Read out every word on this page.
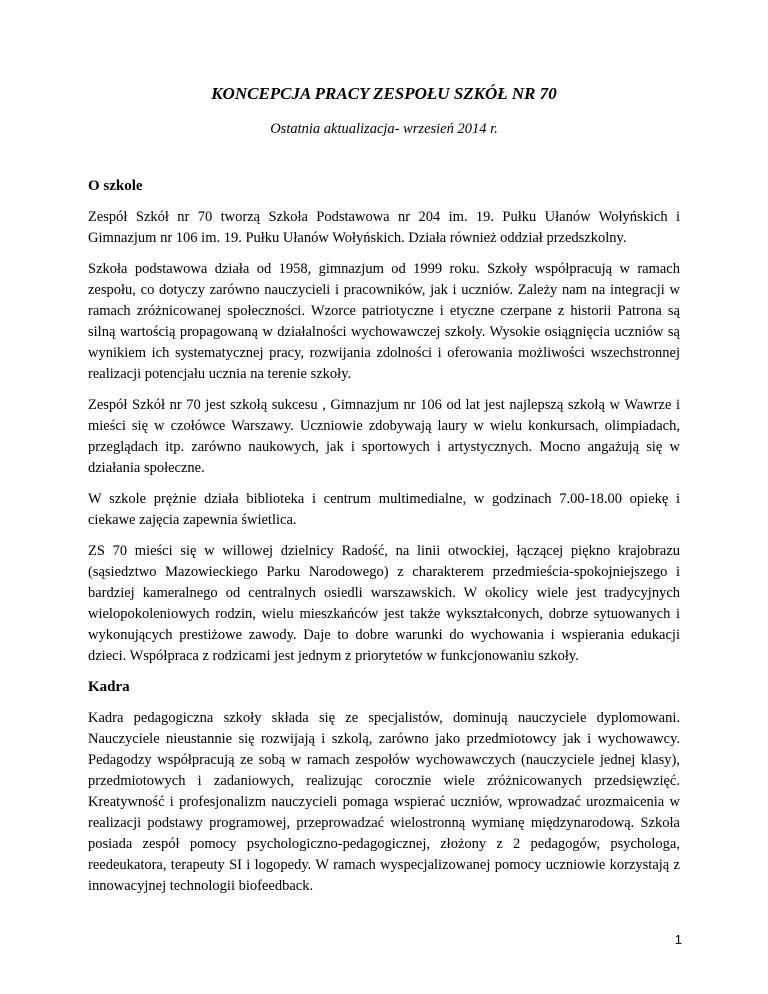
KONCEPCJA PRACY ZESPOŁU SZKÓŁ NR 70

Ostatnia aktualizacja- wrzesień 2014 r.

O szkole

Zespół Szkół nr 70 tworzą Szkoła Podstawowa nr 204 im. 19. Pułku Ułanów Wołyńskich i Gimnazjum nr 106 im. 19. Pułku Ułanów Wołyńskich. Działa również oddział przedszkolny.

Szkoła podstawowa działa od 1958, gimnazjum od 1999 roku. Szkoły współpracują w ramach zespołu, co dotyczy zarówno nauczycieli i pracowników, jak i uczniów. Zależy nam na integracji w ramach zróżnicowanej społeczności. Wzorce patriotyczne i etyczne czerpane z historii Patrona są silną wartością propagowaną w działalności wychowawczej szkoły. Wysokie osiągnięcia uczniów są wynikiem ich systematycznej pracy, rozwijania zdolności i oferowania możliwości wszechstronnej realizacji potencjału ucznia na terenie szkoły.

Zespół Szkół nr 70 jest szkołą sukcesu , Gimnazjum nr 106 od lat jest najlepszą szkołą w Wawrze i mieści się w czołówce Warszawy. Uczniowie zdobywają laury w wielu konkursach, olimpiadach, przeglądach itp. zarówno naukowych, jak i sportowych i artystycznych. Mocno angażują się w działania społeczne.

W szkole prężnie działa biblioteka i centrum multimedialne, w godzinach 7.00-18.00 opiekę i ciekawe zajęcia zapewnia świetlica.

ZS 70 mieści się w willowej dzielnicy Radość, na linii otwockiej, łączącej piękno krajobrazu (sąsiedztwo Mazowieckiego Parku Narodowego) z charakterem przedmieścia-spokojniejszego i bardziej kameralnego od centralnych osiedli warszawskich. W okolicy wiele jest tradycyjnych wielopokoleniowych rodzin, wielu mieszkańców jest także wykształconych, dobrze sytuowanych i wykonujących prestiżowe zawody. Daje to dobre warunki do wychowania i wspierania edukacji dzieci. Współpraca z rodzicami jest jednym z priorytetów w funkcjonowaniu szkoły.

Kadra

Kadra pedagogiczna szkoły składa się ze specjalistów, dominują nauczyciele dyplomowani. Nauczyciele nieustannie się rozwijają i szkolą, zarówno jako przedmiotowcy jak i wychowawcy. Pedagodzy współpracują ze sobą w ramach zespołów wychowawczych (nauczyciele jednej klasy), przedmiotowych i zadaniowych, realizując corocznie wiele zróżnicowanych przedsięwzięć. Kreatywność i profesjonalizm nauczycieli pomaga wspierać uczniów, wprowadzać urozmaicenia w realizacji podstawy programowej, przeprowadzać wielostronną wymianę międzynarodową. Szkoła posiada zespół pomocy psychologiczno-pedagogicznej, złożony z 2 pedagogów, psychologa, reedeukatora, terapeuty SI i logopedy. W ramach wyspecjalizowanej pomocy uczniowie korzystają z innowacyjnej technologii biofeedback.

1
